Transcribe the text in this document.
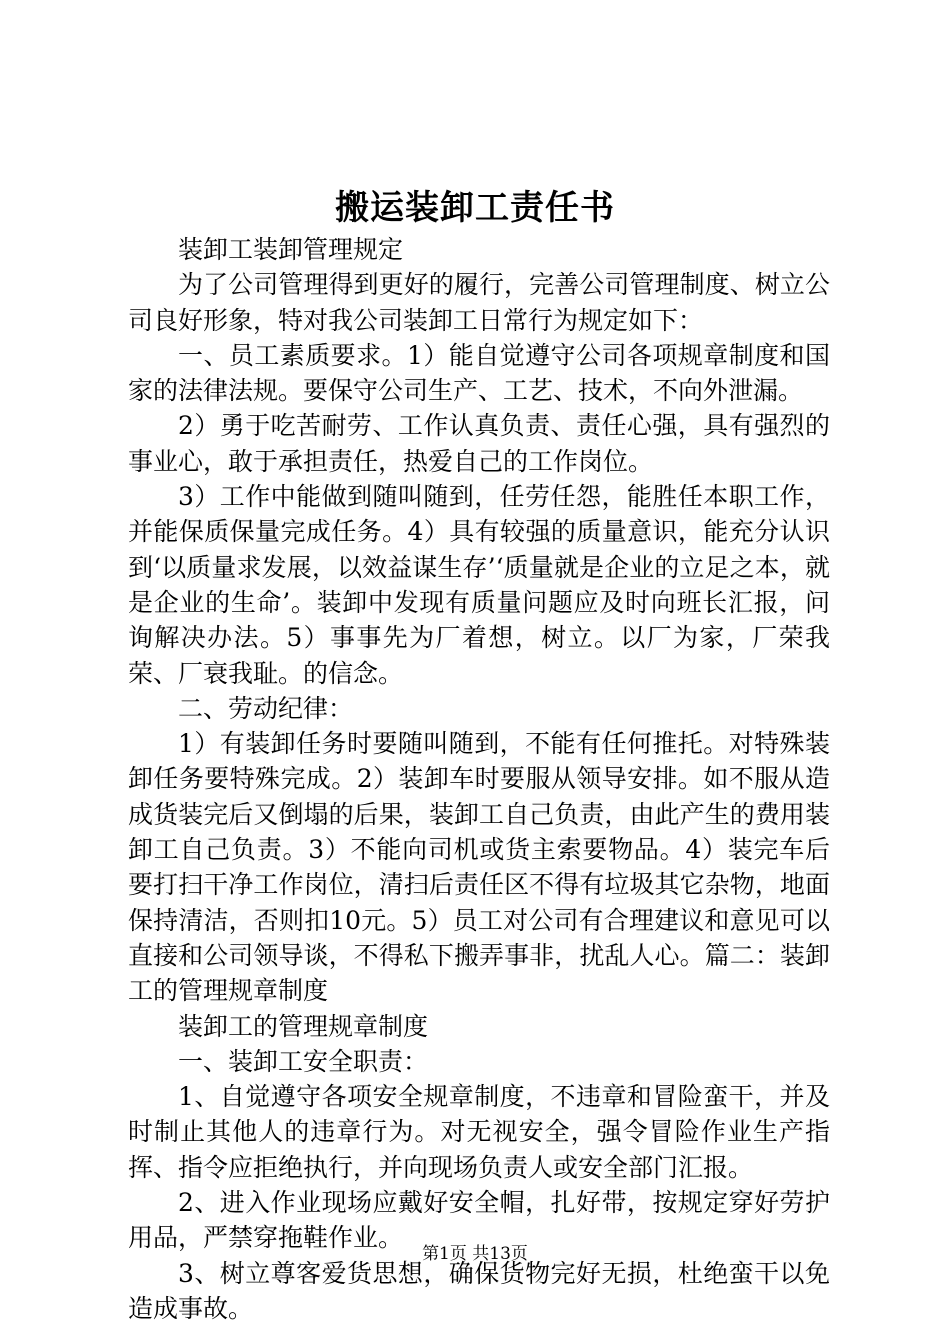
搬运装卸工责任书

装卸工装卸管理规定

为了公司管理得到更好的履行，完善公司管理制度、树立公司良好形象，特对我公司装卸工日常行为规定如下：

一、员工素质要求。1）能自觉遵守公司各项规章制度和国家的法律法规。要保守公司生产、工艺、技术，不向外泄漏。

2）勇于吃苦耐劳、工作认真负责、责任心强，具有强烈的事业心，敢于承担责任，热爱自己的工作岗位。

3）工作中能做到随叫随到，任劳任怨，能胜任本职工作，并能保质保量完成任务。4）具有较强的质量意识，能充分认识到‘以质量求发展，以效益谋生存’‘质量就是企业的立足之本，就是企业的生命’。装卸中发现有质量问题应及时向班长汇报，问询解决办法。5）事事先为厂着想，树立。以厂为家，厂荣我荣、厂衰我耻。的信念。

二、劳动纪律：

1）有装卸任务时要随叫随到，不能有任何推托。对特殊装卸任务要特殊完成。2）装卸车时要服从领导安排。如不服从造成货装完后又倒塌的后果，装卸工自己负责，由此产生的费用装卸工自己负责。3）不能向司机或货主索要物品。4）装完车后要打扫干净工作岗位，清扫后责任区不得有垃圾其它杂物，地面保持清洁，否则扣10元。5）员工对公司有合理建议和意见可以直接和公司领导谈，不得私下搬弄事非，扰乱人心。篇二：装卸工的管理规章制度

装卸工的管理规章制度

一、装卸工安全职责：

1、自觉遵守各项安全规章制度，不违章和冒险蛮干，并及时制止其他人的违章行为。对无视安全，强令冒险作业生产指挥、指令应拒绝执行，并向现场负责人或安全部门汇报。

2、进入作业现场应戴好安全帽，扎好带，按规定穿好劳护用品，严禁穿拖鞋作业。

3、树立尊客爱货思想，确保货物完好无损，杜绝蛮干以免造成事故。

第1页 共13页
